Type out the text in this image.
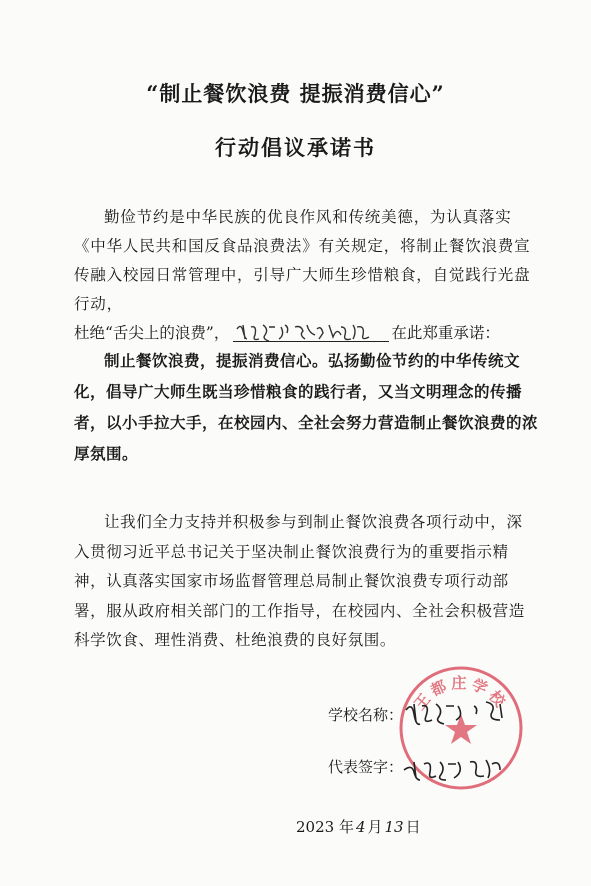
“制止餐饮浪费 提振消费信心”
行动倡议承诺书
勤俭节约是中华民族的优良作风和传统美德，为认真落实《中华人民共和国反食品浪费法》有关规定，将制止餐饮浪费宣传融入校园日常管理中，引导广大师生珍惜粮食，自觉践行光盘行动，
杜绝“舌尖上的浪费”，	在此郑重承诺：
制止餐饮浪费，提振消费信心。弘扬勤俭节约的中华传统文化，倡导广大师生既当珍惜粮食的践行者，又当文明理念的传播者，以小手拉大手，在校园内、全社会努力营造制止餐饮浪费的浓厚氛围。
让我们全力支持并积极参与到制止餐饮浪费各项行动中，深入贯彻习近平总书记关于坚决制止餐饮浪费行为的重要指示精神，认真落实国家市场监督管理总局制止餐饮浪费专项行动部署，服从政府相关部门的工作指导，在校园内、全社会积极营造科学饮食、理性消费、杜绝浪费的良好氛围。
学校名称：
代表签字：
王都庄学校
2023 年 4 月 13 日
